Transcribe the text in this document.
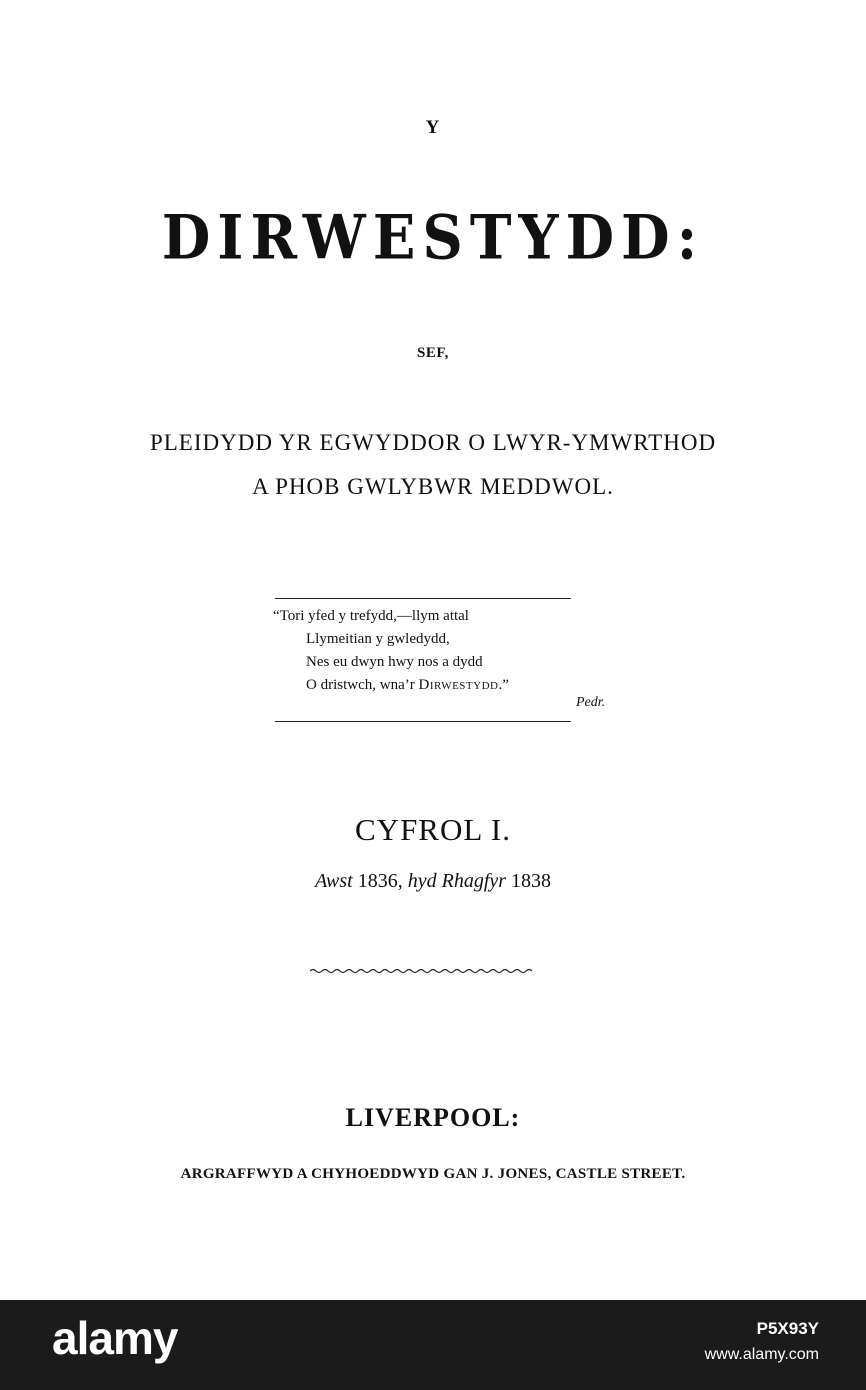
Y
DIRWESTYDD:
SEF,
PLEIDYDD YR EGWYDDOR O LWYR-YMWRTHOD
A PHOB GWLYBWR MEDDWOL.
“Tori yfed y trefydd,—llym attal
Llymeitian y gwledydd,
Nes eu dwyn hwy nos a dydd
O dristwch, wna’r Dirwestydd.”
Pedr.
CYFROL I.
Awst 1836, hyd Rhagfyr 1838
LIVERPOOL:
ARGRAFFWYD A CHYHOEDDWYD GAN J. JONES, CASTLE STREET.
alamy	P5X93Y
www.alamy.com
